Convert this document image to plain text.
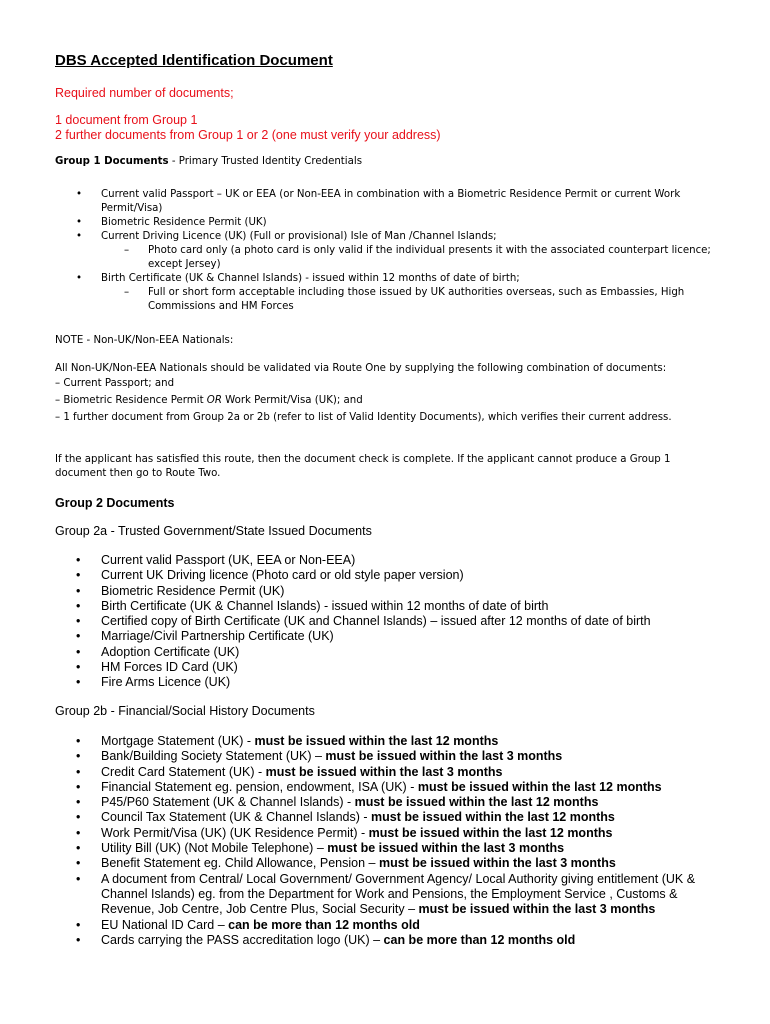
DBS Accepted Identification Document

Required number of documents;

1 document from Group 1

2 further documents from Group 1 or 2 (one must verify your address)

Group 1 Documents - Primary Trusted Identity Credentials

• Current valid Passport – UK or EEA (or Non-EEA in combination with a Biometric Residence Permit or current Work Permit/Visa)
• Biometric Residence Permit (UK)
• Current Driving Licence (UK) (Full or provisional) Isle of Man /Channel Islands;
– Photo card only (a photo card is only valid if the individual presents it with the associated counterpart licence; except Jersey)
• Birth Certificate (UK & Channel Islands) - issued within 12 months of date of birth;
– Full or short form acceptable including those issued by UK authorities overseas, such as Embassies, High Commissions and HM Forces

NOTE - Non-UK/Non-EEA Nationals:

All Non-UK/Non-EEA Nationals should be validated via Route One by supplying the following combination of documents:

– Current Passport; and

– Biometric Residence Permit OR Work Permit/Visa (UK); and

– 1 further document from Group 2a or 2b (refer to list of Valid Identity Documents), which verifies their current address.

If the applicant has satisfied this route, then the document check is complete. If the applicant cannot produce a Group 1 document then go to Route Two.

Group 2 Documents

Group 2a - Trusted Government/State Issued Documents

• Current valid Passport (UK, EEA or Non-EEA)
• Current UK Driving licence (Photo card or old style paper version)
• Biometric Residence Permit (UK)
• Birth Certificate (UK & Channel Islands) - issued within 12 months of date of birth
• Certified copy of Birth Certificate (UK and Channel Islands) – issued after 12 months of date of birth
• Marriage/Civil Partnership Certificate (UK)
• Adoption Certificate (UK)
• HM Forces ID Card (UK)
• Fire Arms Licence (UK)

Group 2b - Financial/Social History Documents

• Mortgage Statement (UK) - must be issued within the last 12 months
• Bank/Building Society Statement (UK) – must be issued within the last 3 months
• Credit Card Statement (UK) - must be issued within the last 3 months
• Financial Statement eg. pension, endowment, ISA (UK) - must be issued within the last 12 months
• P45/P60 Statement (UK & Channel Islands) - must be issued within the last 12 months
• Council Tax Statement (UK & Channel Islands) - must be issued within the last 12 months
• Work Permit/Visa (UK) (UK Residence Permit) - must be issued within the last 12 months
• Utility Bill (UK) (Not Mobile Telephone) – must be issued within the last 3 months
• Benefit Statement eg. Child Allowance, Pension – must be issued within the last 3 months
• A document from Central/ Local Government/ Government Agency/ Local Authority giving entitlement (UK & Channel Islands) eg. from the Department for Work and Pensions, the Employment Service , Customs & Revenue, Job Centre, Job Centre Plus, Social Security – must be issued within the last 3 months
• EU National ID Card – can be more than 12 months old
• Cards carrying the PASS accreditation logo (UK) – can be more than 12 months old
